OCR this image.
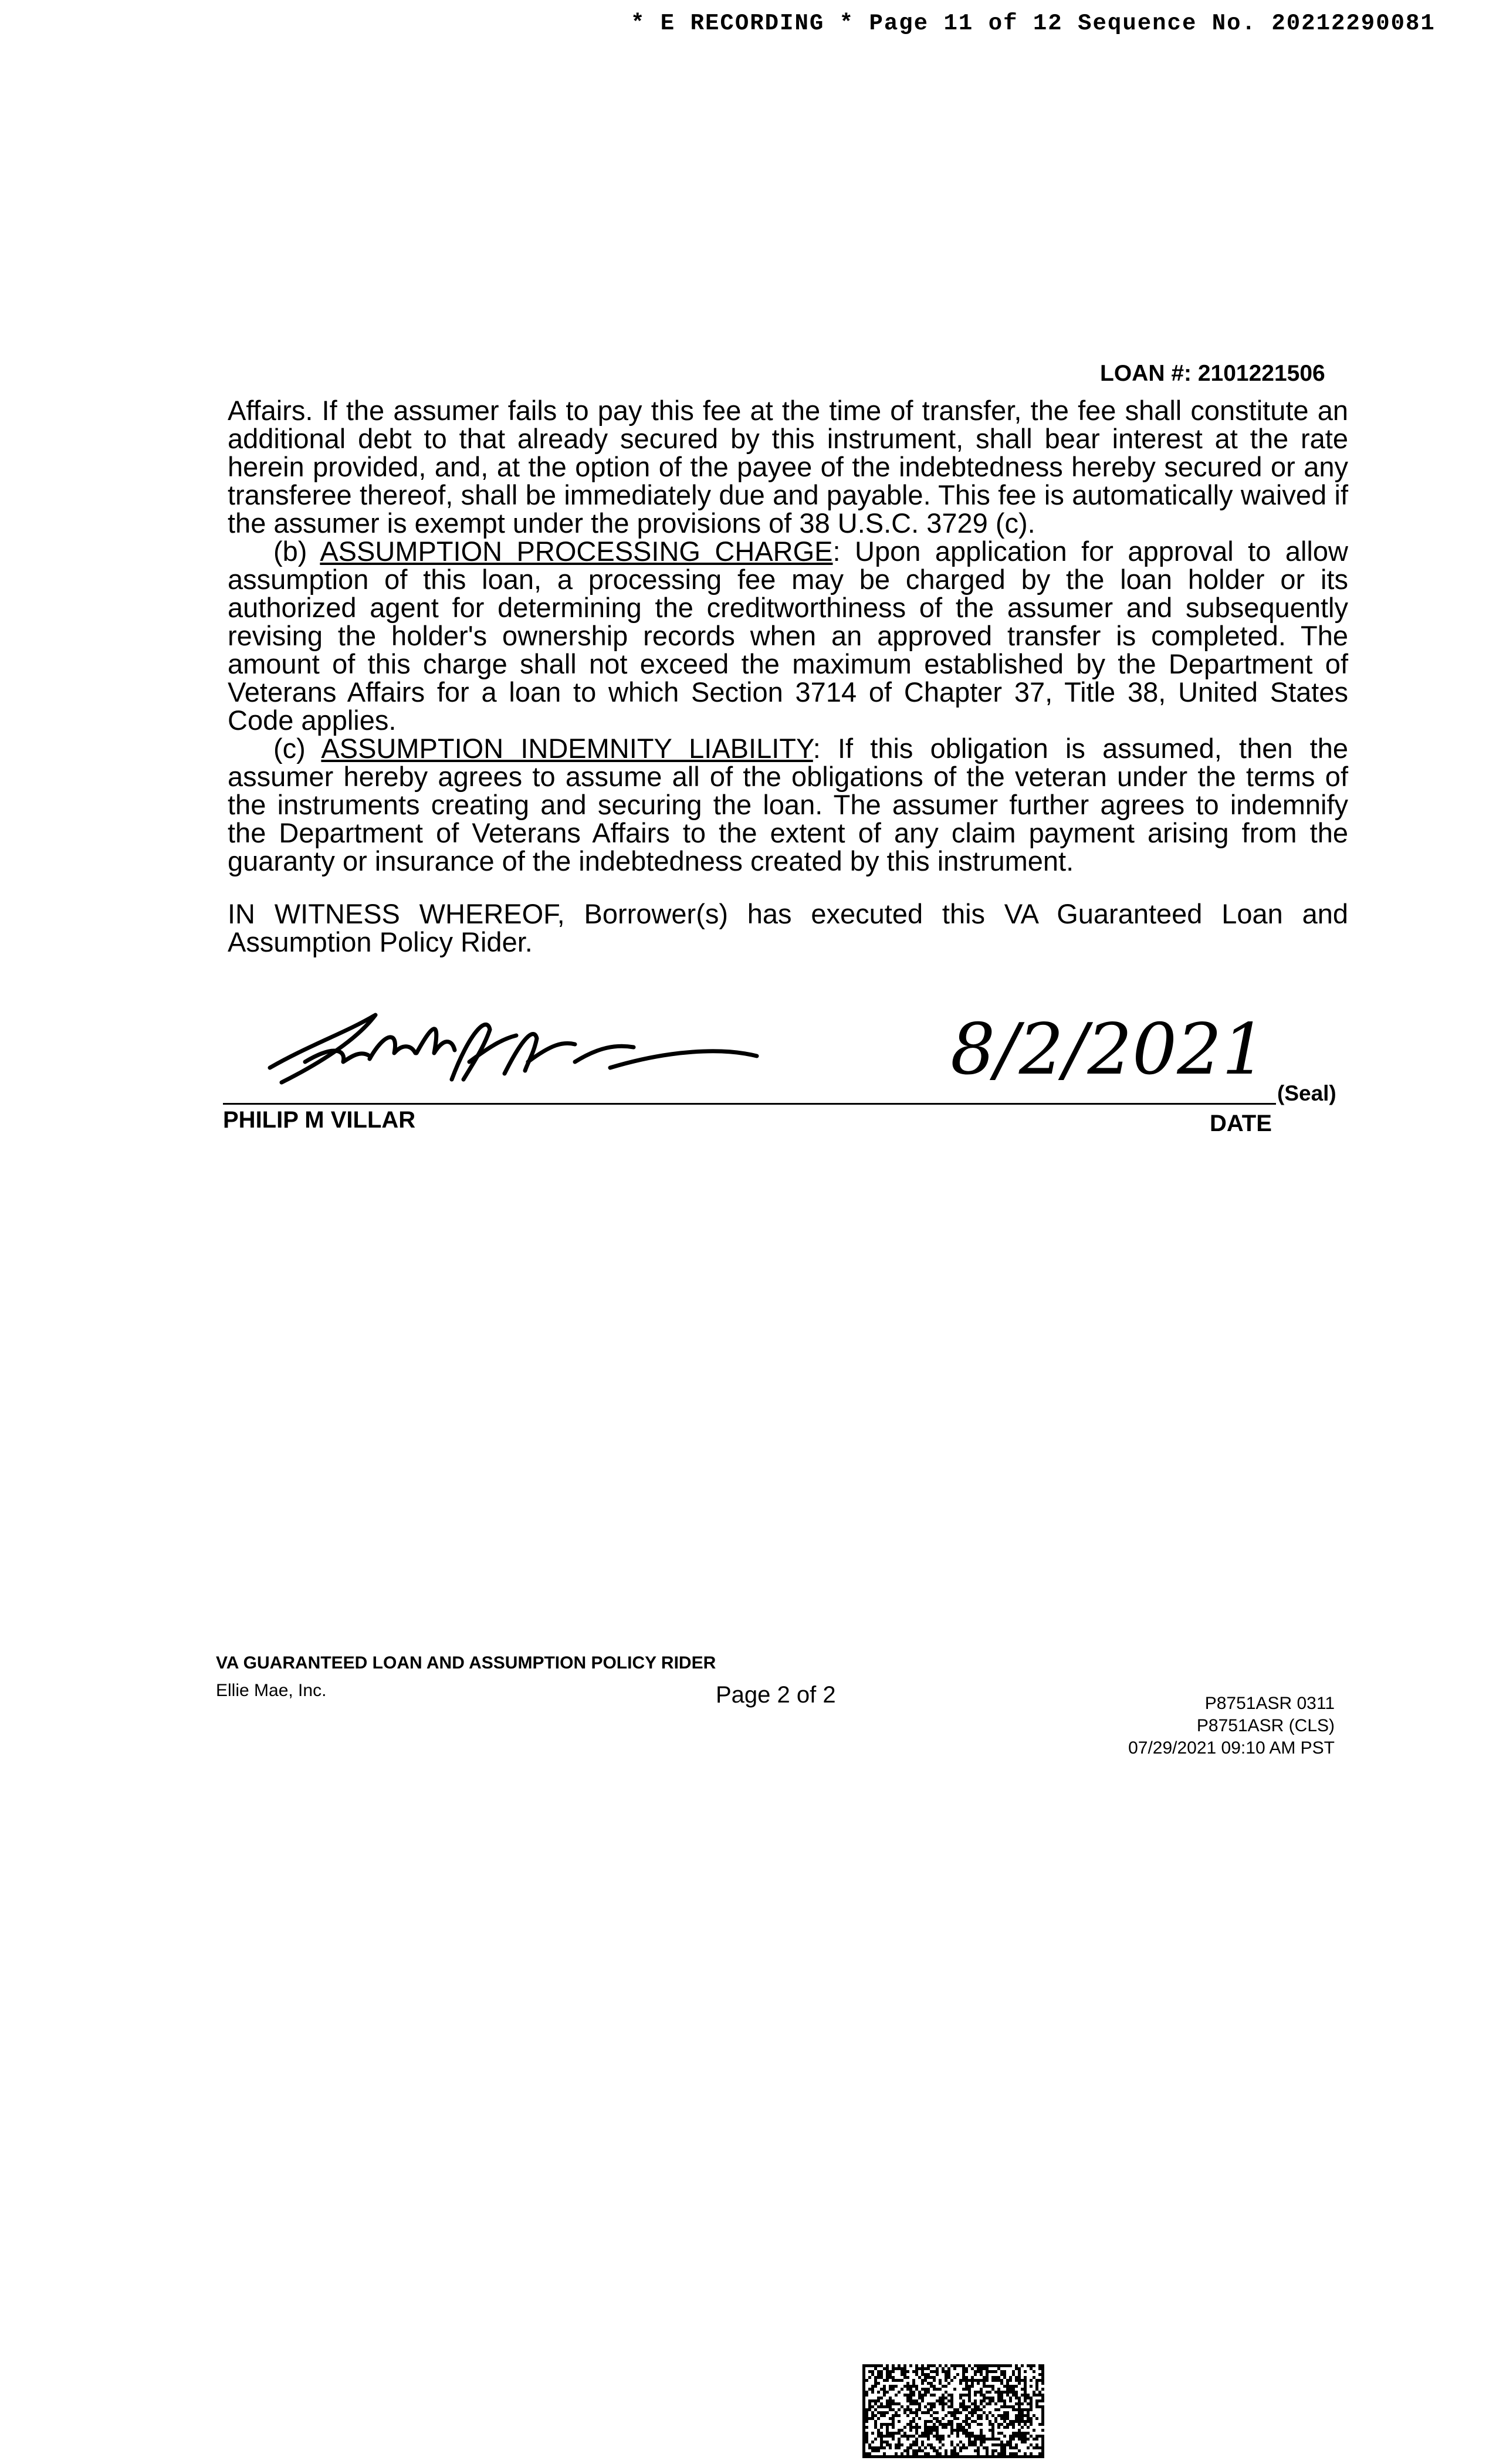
* E RECORDING * Page 11 of 12 Sequence No. 20212290081
LOAN #: 2101221506

Affairs. If the assumer fails to pay this fee at the time of transfer, the fee shall constitute an additional debt to that already secured by this instrument, shall bear interest at the rate herein provided, and, at the option of the payee of the indebtedness hereby secured or any transferee thereof, shall be immediately due and payable. This fee is automatically waived if the assumer is exempt under the provisions of 38 U.S.C. 3729 (c).

(b) ASSUMPTION PROCESSING CHARGE: Upon application for approval to allow assumption of this loan, a processing fee may be charged by the loan holder or its authorized agent for determining the creditworthiness of the assumer and subsequently revising the holder's ownership records when an approved transfer is completed. The amount of this charge shall not exceed the maximum established by the Department of Veterans Affairs for a loan to which Section 3714 of Chapter 37, Title 38, United States Code applies.

(c) ASSUMPTION INDEMNITY LIABILITY: If this obligation is assumed, then the assumer hereby agrees to assume all of the obligations of the veteran under the terms of the instruments creating and securing the loan. The assumer further agrees to indemnify the Department of Veterans Affairs to the extent of any claim payment arising from the guaranty or insurance of the indebtedness created by this instrument.

IN WITNESS WHEREOF, Borrower(s) has executed this VA Guaranteed Loan and Assumption Policy Rider.

8/2/2021
(Seal)
PHILIP M VILLAR	DATE
VA GUARANTEED LOAN AND ASSUMPTION POLICY RIDER
Ellie Mae, Inc.	Page 2 of 2	P8751ASR 0311
P8751ASR (CLS)
07/29/2021 09:10 AM PST
